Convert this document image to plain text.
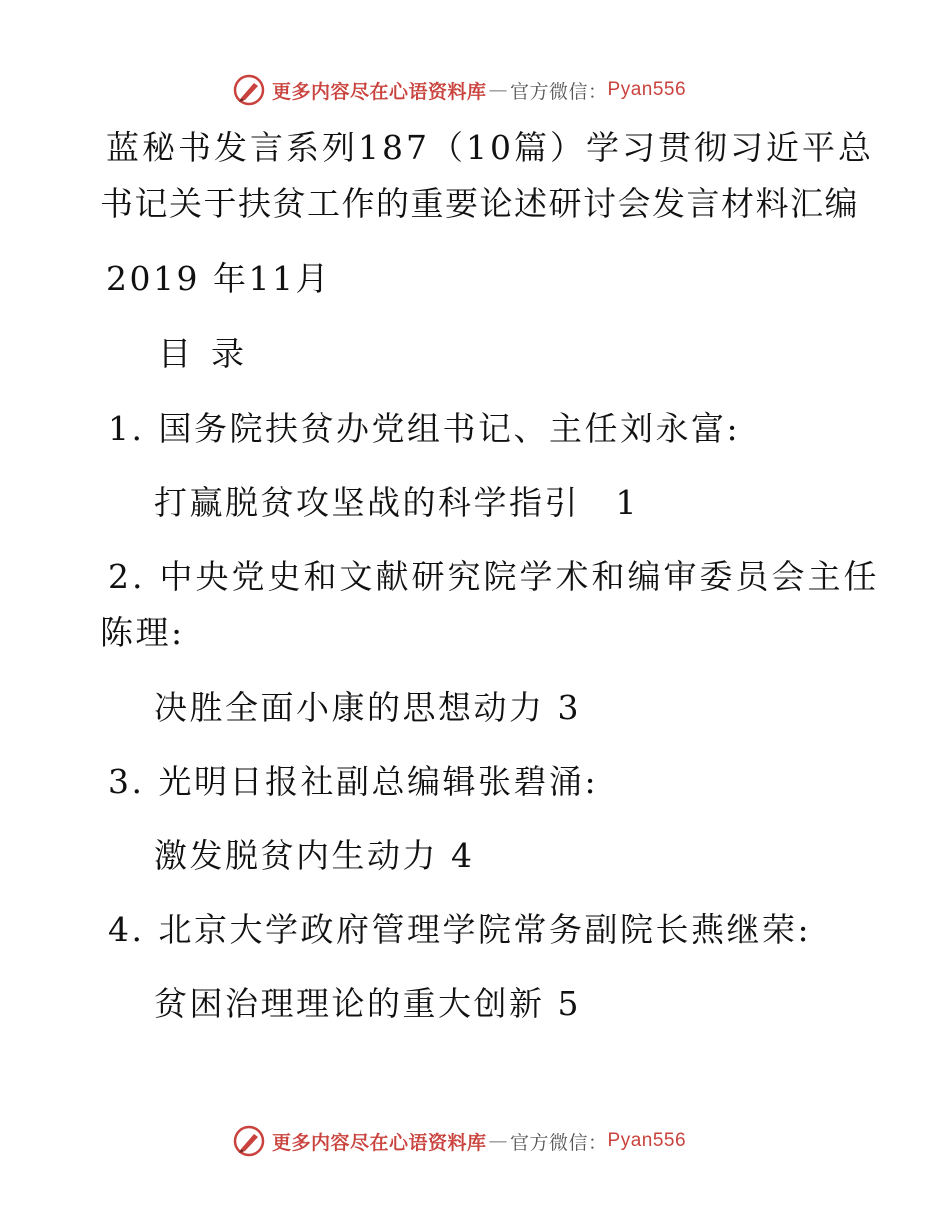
更多内容尽在心语资料库 — 官方微信： Pyan556
蓝秘书发言系列187（10篇）学习贯彻习近平总
书记关于扶贫工作的重要论述研讨会发言材料汇编
2019 年11月
目录
1. 国务院扶贫办党组书记、主任刘永富:
打赢脱贫攻坚战的科学指引　1
2. 中央党史和文献研究院学术和编审委员会主任
陈理:
决胜全面小康的思想动力 3
3. 光明日报社副总编辑张碧涌:
激发脱贫内生动力 4
4. 北京大学政府管理学院常务副院长燕继荣:
贫困治理理论的重大创新 5
更多内容尽在心语资料库 — 官方微信： Pyan556
